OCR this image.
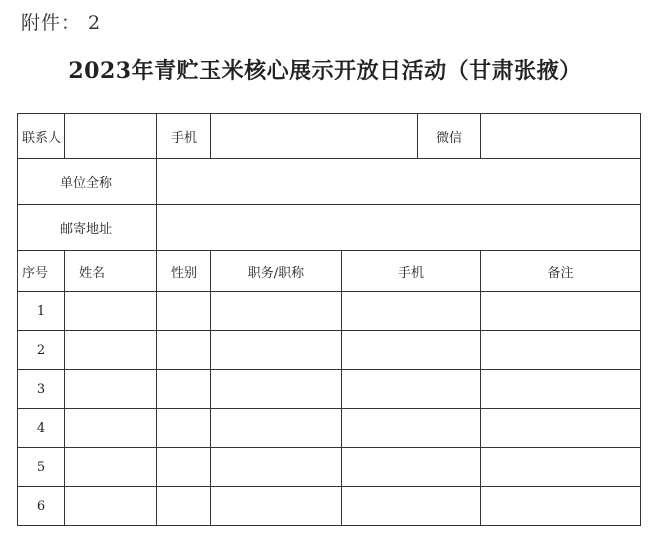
附件： 2
2023年青贮玉米核心展示开放日活动（甘肃张掖）
联系人		手机			微信	
单位全称						
邮寄地址						
序号	姓名	性别	职务/职称	手机		备注
1						
2						
3						
4						
5						
6						
